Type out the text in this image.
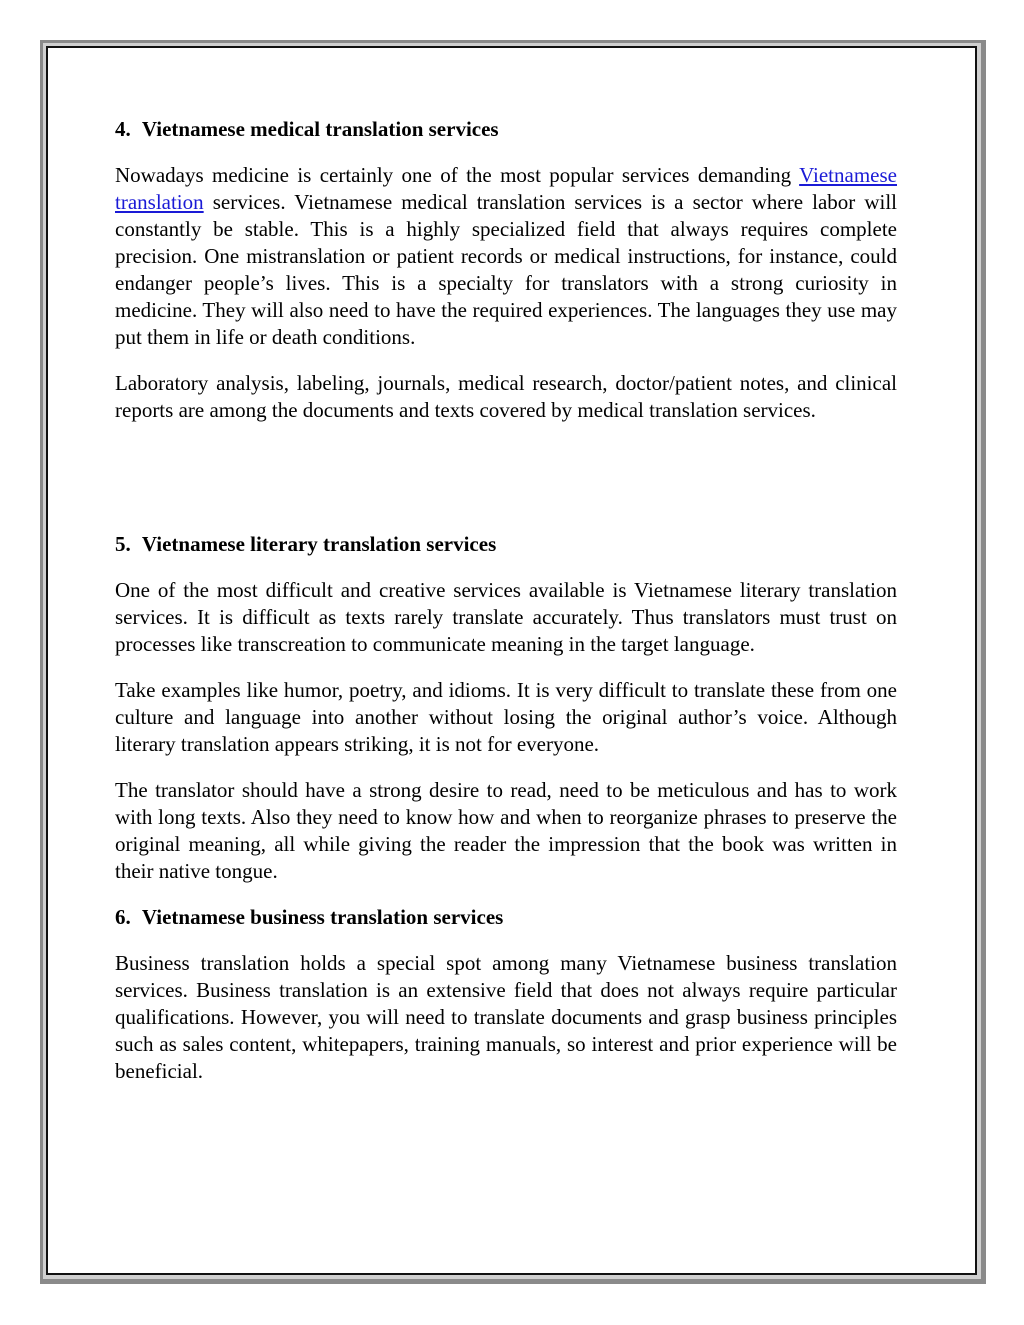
4. Vietnamese medical translation services

Nowadays medicine is certainly one of the most popular services demanding Vietnamese translation services. Vietnamese medical translation services is a sector where labor will constantly be stable. This is a highly specialized field that always requires complete precision. One mistranslation or patient records or medical instructions, for instance, could endanger people’s lives. This is a specialty for translators with a strong curiosity in medicine. They will also need to have the required experiences. The languages they use may put them in life or death conditions.

Laboratory analysis, labeling, journals, medical research, doctor/patient notes, and clinical reports are among the documents and texts covered by medical translation services.

5. Vietnamese literary translation services

One of the most difficult and creative services available is Vietnamese literary translation services. It is difficult as texts rarely translate accurately. Thus translators must trust on processes like transcreation to communicate meaning in the target language.

Take examples like humor, poetry, and idioms. It is very difficult to translate these from one culture and language into another without losing the original author’s voice. Although literary translation appears striking, it is not for everyone.

The translator should have a strong desire to read, need to be meticulous and has to work with long texts. Also they need to know how and when to reorganize phrases to preserve the original meaning, all while giving the reader the impression that the book was written in their native tongue.

6. Vietnamese business translation services

Business translation holds a special spot among many Vietnamese business translation services. Business translation is an extensive field that does not always require particular qualifications. However, you will need to translate documents and grasp business principles such as sales content, whitepapers, training manuals, so interest and prior experience will be beneficial.
